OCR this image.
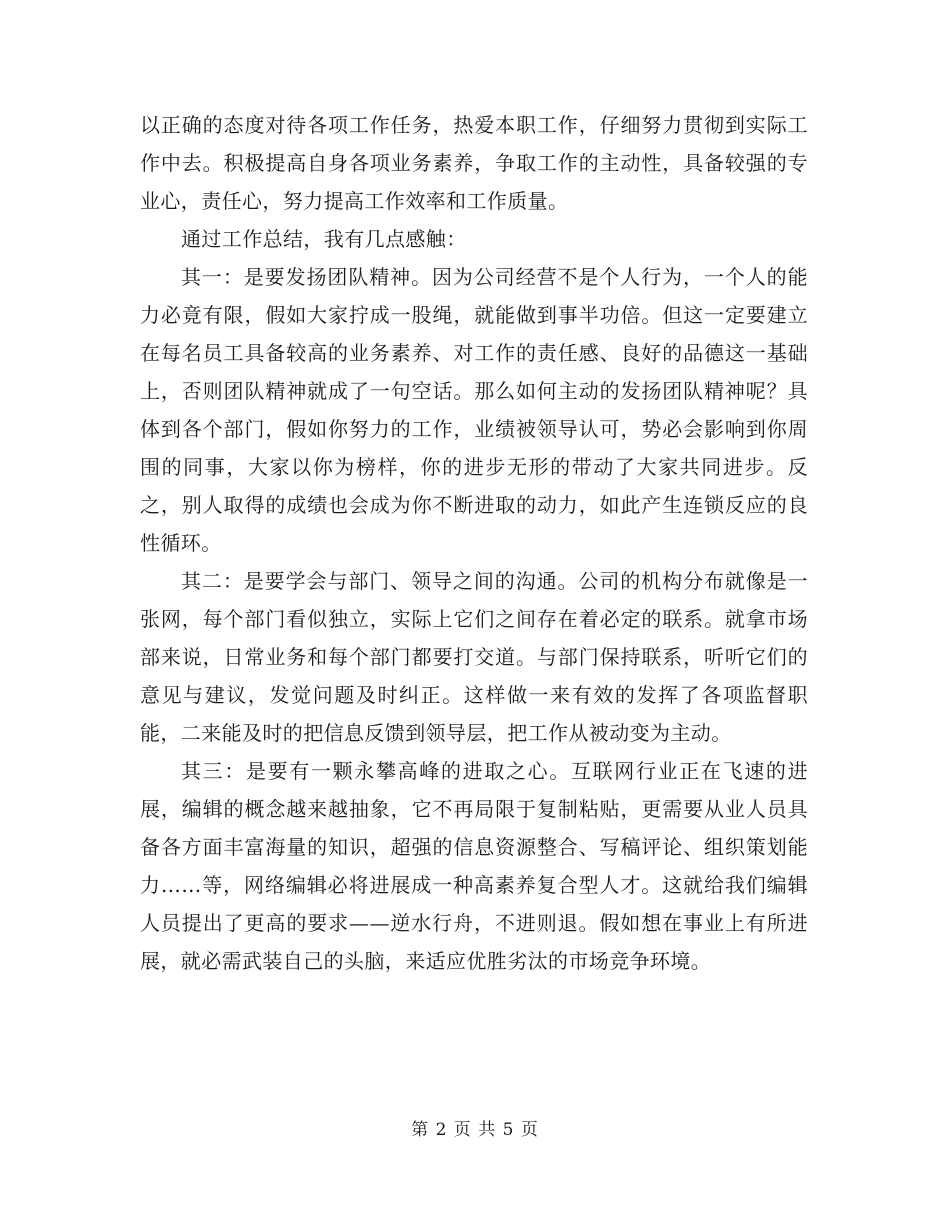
以正确的态度对待各项工作任务，热爱本职工作，仔细努力贯彻到实际工作中去。积极提高自身各项业务素养，争取工作的主动性，具备较强的专业心，责任心，努力提高工作效率和工作质量。

通过工作总结，我有几点感触：

其一：是要发扬团队精神。因为公司经营不是个人行为，一个人的能力必竟有限，假如大家拧成一股绳，就能做到事半功倍。但这一定要建立在每名员工具备较高的业务素养、对工作的责任感、良好的品德这一基础上，否则团队精神就成了一句空话。那么如何主动的发扬团队精神呢？具体到各个部门，假如你努力的工作，业绩被领导认可，势必会影响到你周围的同事，大家以你为榜样，你的进步无形的带动了大家共同进步。反之，别人取得的成绩也会成为你不断进取的动力，如此产生连锁反应的良性循环。

其二：是要学会与部门、领导之间的沟通。公司的机构分布就像是一张网，每个部门看似独立，实际上它们之间存在着必定的联系。就拿市场部来说，日常业务和每个部门都要打交道。与部门保持联系，听听它们的意见与建议，发觉问题及时纠正。这样做一来有效的发挥了各项监督职能，二来能及时的把信息反馈到领导层，把工作从被动变为主动。

其三：是要有一颗永攀高峰的进取之心。互联网行业正在飞速的进展，编辑的概念越来越抽象，它不再局限于复制粘贴，更需要从业人员具备各方面丰富海量的知识，超强的信息资源整合、写稿评论、组织策划能力……等，网络编辑必将进展成一种高素养复合型人才。这就给我们编辑人员提出了更高的要求——逆水行舟，不进则退。假如想在事业上有所进展，就必需武装自己的头脑，来适应优胜劣汰的市场竞争环境。

第 2 页 共 5 页
